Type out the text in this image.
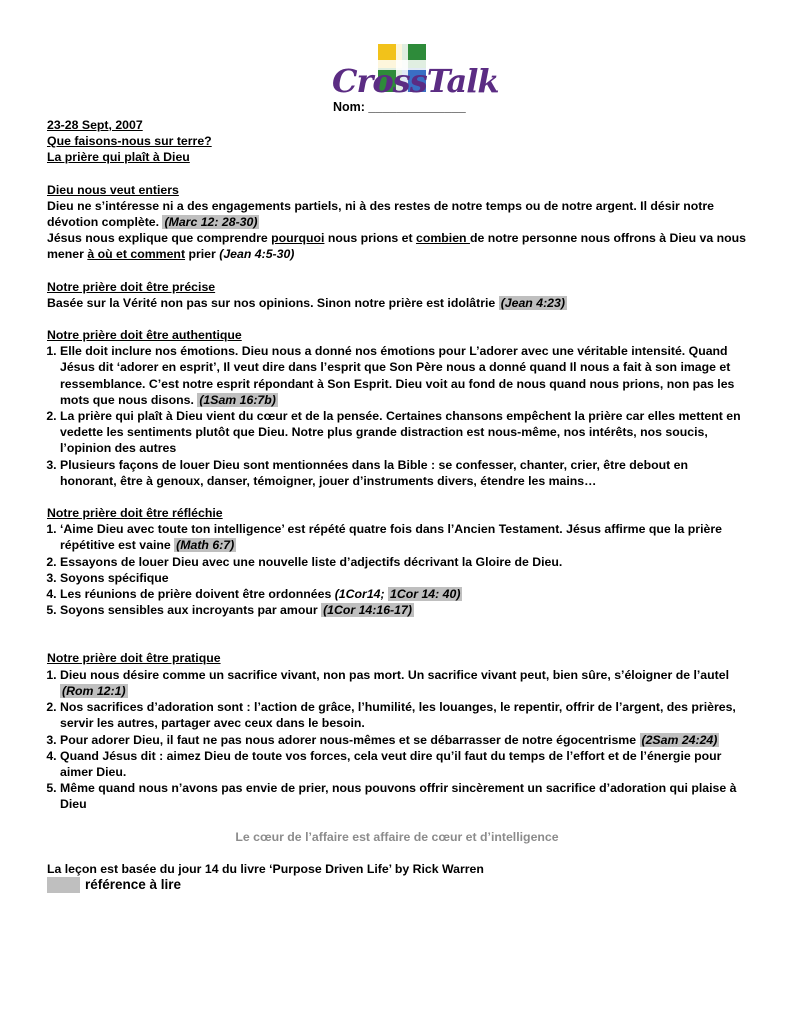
CrossTalk
Nom: ______________

23-28 Sept, 2007

Que faisons-nous sur terre?

La prière qui plaît à Dieu

Dieu nous veut entiers

Dieu ne s’intéresse ni a des engagements partiels, ni à des restes de notre temps ou de notre argent. Il désir notre dévotion complète. (Marc 12: 28-30)

Jésus nous explique que comprendre pourquoi nous prions et combien de notre personne nous offrons à Dieu va nous mener à où et comment prier (Jean 4:5-30)

Notre prière doit être précise

Basée sur la Vérité non pas sur nos opinions. Sinon notre prière est idolâtrie (Jean 4:23)

Notre prière doit être authentique

1. Elle doit inclure nos émotions. Dieu nous a donné nos émotions pour L’adorer avec une véritable intensité. Quand Jésus dit ‘adorer en esprit’, Il veut dire dans l’esprit que Son Père nous a donné quand Il nous a fait à son image et ressemblance. C’est notre esprit répondant à Son Esprit. Dieu voit au fond de nous quand nous prions, non pas les mots que nous disons. (1Sam 16:7b)
2. La prière qui plaît à Dieu vient du cœur et de la pensée. Certaines chansons empêchent la prière car elles mettent en vedette les sentiments plutôt que Dieu. Notre plus grande distraction est nous-même, nos intérêts, nos soucis, l’opinion des autres
3. Plusieurs façons de louer Dieu sont mentionnées dans la Bible : se confesser, chanter, crier, être debout en honorant, être à genoux, danser, témoigner, jouer d’instruments divers, étendre les mains…

Notre prière doit être réfléchie

1. ‘Aime Dieu avec toute ton intelligence’ est répété quatre fois dans l’Ancien Testament. Jésus affirme que la prière répétitive est vaine (Math 6:7)
2. Essayons de louer Dieu avec une nouvelle liste d’adjectifs décrivant la Gloire de Dieu.
3. Soyons spécifique
4. Les réunions de prière doivent être ordonnées (1Cor14; 1Cor 14: 40)
5. Soyons sensibles aux incroyants par amour (1Cor 14:16-17)

Notre prière doit être pratique

1. Dieu nous désire comme un sacrifice vivant, non pas mort. Un sacrifice vivant peut, bien sûre, s’éloigner de l’autel (Rom 12:1)
2. Nos sacrifices d’adoration sont : l’action de grâce, l’humilité, les louanges, le repentir, offrir de l’argent, des prières, servir les autres, partager avec ceux dans le besoin.
3. Pour adorer Dieu, il faut ne pas nous adorer nous-mêmes et se débarrasser de notre égocentrisme (2Sam 24:24)
4. Quand Jésus dit : aimez Dieu de toute vos forces, cela veut dire qu’il faut du temps de l’effort et de l’énergie pour aimer Dieu.
5. Même quand nous n’avons pas envie de prier, nous pouvons offrir sincèrement un sacrifice d’adoration qui plaise à Dieu

Le cœur de l’affaire est affaire de cœur et d’intelligence

La leçon est basée du jour 14 du livre ‘Purpose Driven Life’ by Rick Warren

référence à lire
